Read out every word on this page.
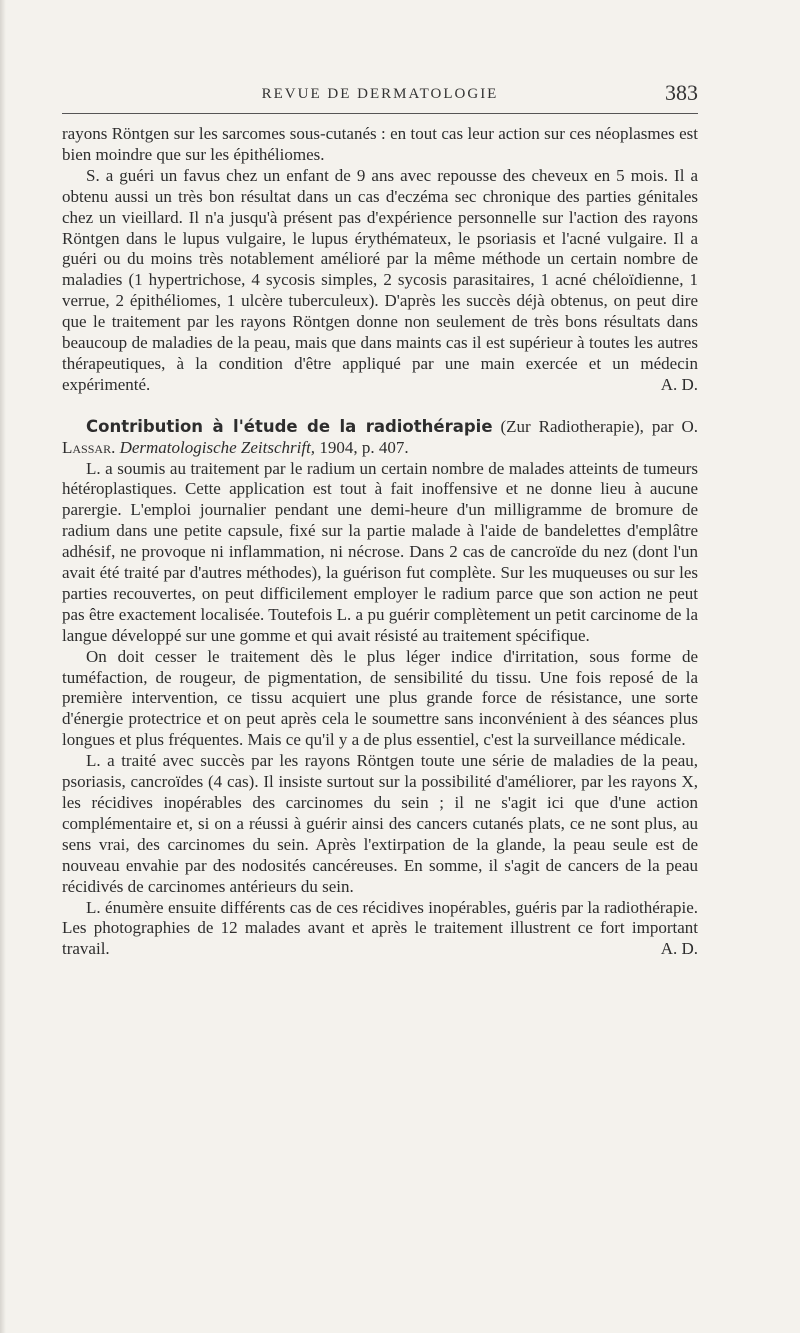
REVUE DE DERMATOLOGIE	383

rayons Röntgen sur les sarcomes sous-cutanés : en tout cas leur action sur ces néoplasmes est bien moindre que sur les épithéliomes.

S. a guéri un favus chez un enfant de 9 ans avec repousse des cheveux en 5 mois. Il a obtenu aussi un très bon résultat dans un cas d'eczéma sec chronique des parties génitales chez un vieillard. Il n'a jusqu'à présent pas d'expérience personnelle sur l'action des rayons Röntgen dans le lupus vulgaire, le lupus érythémateux, le psoriasis et l'acné vulgaire. Il a guéri ou du moins très notablement amélioré par la même méthode un certain nombre de maladies (1 hypertrichose, 4 sycosis simples, 2 sycosis parasitaires, 1 acné chéloïdienne, 1 verrue, 2 épithéliomes, 1 ulcère tuberculeux). D'après les succès déjà obtenus, on peut dire que le traitement par les rayons Röntgen donne non seulement de très bons résultats dans beaucoup de maladies de la peau, mais que dans maints cas il est supérieur à toutes les autres thérapeutiques, à la condition d'être appliqué par une main exercée et un médecin expérimenté.	A. D.

Contribution à l'étude de la radiothérapie (Zur Radiotherapie), par O. Lassar. Dermatologische Zeitschrift, 1904, p. 407.

L. a soumis au traitement par le radium un certain nombre de malades atteints de tumeurs hétéroplastiques. Cette application est tout à fait inoffensive et ne donne lieu à aucune parergie. L'emploi journalier pendant une demi-heure d'un milligramme de bromure de radium dans une petite capsule, fixé sur la partie malade à l'aide de bandelettes d'emplâtre adhésif, ne provoque ni inflammation, ni nécrose. Dans 2 cas de cancroïde du nez (dont l'un avait été traité par d'autres méthodes), la guérison fut complète. Sur les muqueuses ou sur les parties recouvertes, on peut difficilement employer le radium parce que son action ne peut pas être exactement localisée. Toutefois L. a pu guérir complètement un petit carcinome de la langue développé sur une gomme et qui avait résisté au traitement spécifique.

On doit cesser le traitement dès le plus léger indice d'irritation, sous forme de tuméfaction, de rougeur, de pigmentation, de sensibilité du tissu. Une fois reposé de la première intervention, ce tissu acquiert une plus grande force de résistance, une sorte d'énergie protectrice et on peut après cela le soumettre sans inconvénient à des séances plus longues et plus fréquentes. Mais ce qu'il y a de plus essentiel, c'est la surveillance médicale.

L. a traité avec succès par les rayons Röntgen toute une série de maladies de la peau, psoriasis, cancroïdes (4 cas). Il insiste surtout sur la possibilité d'améliorer, par les rayons X, les récidives inopérables des carcinomes du sein ; il ne s'agit ici que d'une action complémentaire et, si on a réussi à guérir ainsi des cancers cutanés plats, ce ne sont plus, au sens vrai, des carcinomes du sein. Après l'extirpation de la glande, la peau seule est de nouveau envahie par des nodosités cancéreuses. En somme, il s'agit de cancers de la peau récidivés de carcinomes antérieurs du sein.

L. énumère ensuite différents cas de ces récidives inopérables, guéris par la radiothérapie. Les photographies de 12 malades avant et après le traitement illustrent ce fort important travail.	A. D.
